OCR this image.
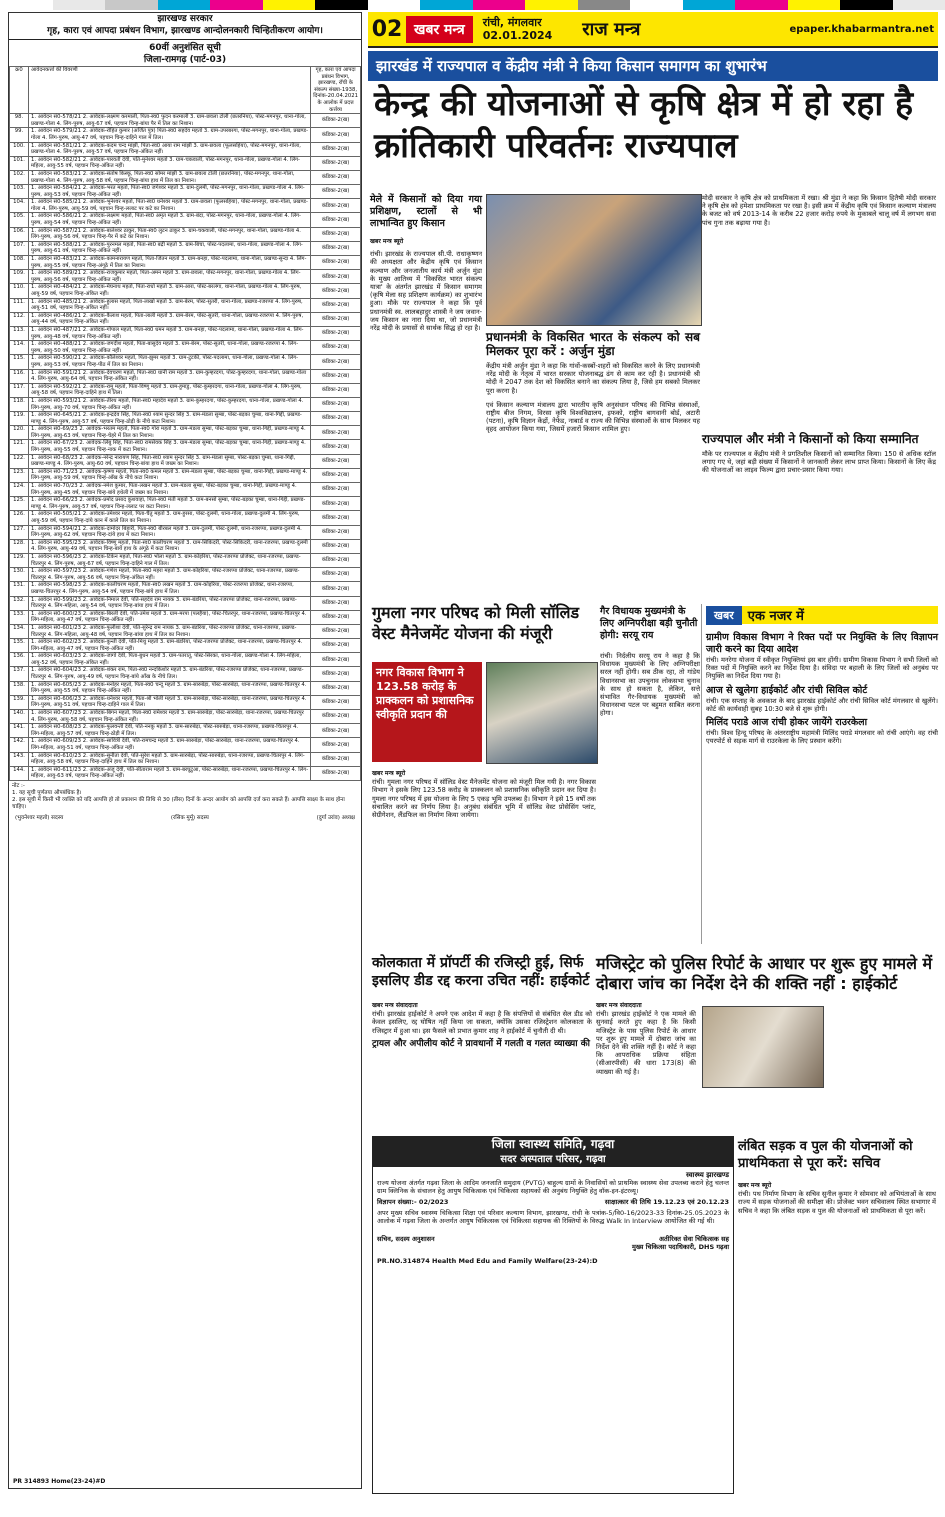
झारखण्ड सरकार
गृह, कारा एवं आपदा प्रबंधन विभाग, झारखण्ड आन्दोलनकारी चिन्हितीकरण आयोग।
60वीं अनुशंसित सूची
जिला-रामगढ़ (पार्ट-03)
क्र0	आवेदनकर्त्ता की विवरणी	गृह, कारा एवं आपदा प्रबंधन विभाग, झारखण्ड, राँची के संकल्प संख्या-1938, दिनांक-20.04.2021 के आलोक में प्रदत्त कर्त्तव्य
98.	1. आवेदन सं0-578/21 2. आवेदक-लक्ष्मण करमाली, पिता-स्व0 फुदन करमाली 3. ग्राम-छवला टोली (छतरनिया), पोस्ट-मगनपुर, थाना-गोला, प्रखण्ड-गोला 4. लिंग-पुरुष, आयु-67 वर्ष, पहचान चिन्ह-बांया पैर में तिल का निशान।	कंडिका-2(ख)
99.	1. आवेदन सं0-579/21 2. आवेदक-रोहित कुमार (अर्जित पुत्र) पिता-स्व0 सहदेव महतो 3. ग्राम-उपरबरगा, पोस्ट-मगनपुर, थाना-गोला, प्रखण्ड-गोला 4. लिंग-पुरुष, आयु-47 वर्ष, पहचान चिन्ह-दाहिने गाल में तिल।	कंडिका-2(ख)
100.	1. आवेदन सं0-581/21 2. आवेदक-कदम चन्द मांझी, पिता-स्व0 आया राम मांझी 3. ग्राम-छवला (फूलसहिया), पोस्ट-मगनपुर, थाना-गोला, प्रखण्ड-गोला 4. लिंग-पुरुष, आयु-57 वर्ष, पहचान चिन्ह-अंकित नहीं।	कंडिका-2(ख)
101.	1. आवेदन सं0-582/21 2. आवेदक-पारवती देवी, पति-मुनेश्वर महतो 3. ग्राम-चकवाली, पोस्ट-मगनपुर, थाना-गोला, प्रखण्ड-गोला 4. लिंग-महिला, आयु-55 वर्ष, पहचान चिन्ह-अंकित नहीं।	कंडिका-2(ख)
102.	1. आवेदन सं0-583/21 2. आवेदक-संतोष किस्कू, पिता-स्व0 सोमर मांझी 3. ग्राम-छवला टोली (छतरनिया), पोस्ट-मगनपुर, थाना-गोला, प्रखण्ड-गोला 4. लिंग-पुरुष, आयु-58 वर्ष, पहचान चिन्ह-बांया हाथ में तिल का निशान।	कंडिका-2(ख)
103.	1. आवेदन सं0-584/21 2. आवेदक-भरत महतो, पिता-स्व0 जगेश्वर महतो 3. ग्राम-दुलमी, पोस्ट-मगनपुर, थाना-गोला, प्रखण्ड-गोला 4. लिंग-पुरुष, आयु-53 वर्ष, पहचान चिन्ह-अंकित नहीं।	कंडिका-2(ख)
104.	1. आवेदन सं0-585/21 2. आवेदक-भुनेश्वर महतो, पिता-स्व0 धनेश्वर महतो 3. ग्राम-छवला (फूलसहिया), पोस्ट-मगनपुर, थाना-गोला, प्रखण्ड-गोला 4. लिंग-पुरुष, आयु-59 वर्ष, पहचान चिन्ह-ललाट पर कटे का निशान।	कंडिका-2(ख)
105.	1. आवेदन सं0-586/21 2. आवेदक-लक्ष्मण महतो, पिता-स्व0 अमृत महतो 3. ग्राम-बंदा, पोस्ट-मगनपुर, थाना-गोला, प्रखण्ड-गोला 4. लिंग-पुरुष, आयु-54 वर्ष, पहचान चिन्ह-अंकित नहीं।	कंडिका-2(ख)
106.	1. आवेदन सं0-587/21 2. आवेदक-बालेश्वर ठाकुर, पिता-स्व0 लुटन ठाकुर 3. ग्राम-चकवाली, पोस्ट-मगनपुर, थाना-गोला, प्रखण्ड-गोला 4. लिंग-पुरुष, आयु-56 वर्ष, पहचान चिन्ह-पैर में कटे का निशान।	कंडिका-2(ख)
107.	1. आवेदन सं0-588/21 2. आवेदक-पुरनमल महतो, पिता-स्व0 बद्री महतो 3. ग्राम-बिचा, पोस्ट-पदलामा, थाना-गोला, प्रखण्ड-गोला 4. लिंग-पुरुष, आयु-61 वर्ष, पहचान चिन्ह-अंकित नहीं।	कंडिका-2(ख)
108.	1. आवेदन सं0-483/21 2. आवेदक-कामनारायण महतो, पिता-जितन महतो 3. ग्राम-बनहा, पोस्ट-पदलामा, थाना-गोला, प्रखण्ड-सुन्दा 4. लिंग-पुरुष, आयु-55 वर्ष, पहचान चिन्ह-अंगूठे में तिल का निशान।	कंडिका-2(ख)
109.	1. आवेदन सं0-589/21 2. आवेदक-राजकुमार महतो, पिता-अमन महतो 3. ग्राम-छवला, पोस्ट-मगनपुर, थाना-गोला, प्रखण्ड-गोला 4. लिंग-पुरुष, आयु-56 वर्ष, पहचान चिन्ह-अंकित नहीं।	कंडिका-2(ख)
110.	1. आवेदन सं0-484/21 2. आवेदक-मेघनाथ महतो, पिता-राधो महतो 3. ग्राम-आरा, पोस्ट-बरलंगा, थाना-गोला, प्रखण्ड-गोला 4. लिंग-पुरुष, आयु-59 वर्ष, पहचान चिन्ह-अंकित नहीं।	कंडिका-2(ख)
111.	1. आवेदन सं0-485/21 2. आवेदक-हुलास महतो, पिता-लाखो महतो 3. ग्राम-बेरम, पोस्ट-सुतरी, थाना-गोला, प्रखण्ड-रजरप्पा 4. लिंग-पुरुष, आयु-51 वर्ष, पहचान चिन्ह-अंकित नहीं।	कंडिका-2(ख)
112.	1. आवेदन सं0-486/21 2. आवेदक-कैलाश महतो, पिता-लाली महतो 3. ग्राम-बेरम, पोस्ट-सुतरी, थाना-गोला, प्रखण्ड-रजरप्पा 4. लिंग-पुरुष, आयु-44 वर्ष, पहचान चिन्ह-अंकित नहीं।	कंडिका-2(ख)
113.	1. आवेदन सं0-487/21 2. आवेदक-गोपाल महतो, पिता-स्व0 धमन महतो 3. ग्राम-बनहा, पोस्ट-पदलामा, थाना-गोला, प्रखण्ड-गोला 4. लिंग-पुरुष, आयु-48 वर्ष, पहचान चिन्ह-अंकित नहीं।	कंडिका-2(ख)
114.	1. आवेदन सं0-488/21 2. आवेदक-जगदीश महतो, पिता-बासुदेव महतो 3. ग्राम-बेरम, पोस्ट-सुतरी, थाना-गोला, प्रखण्ड-रजरप्पा 4. लिंग-पुरुष, आयु-50 वर्ष, पहचान चिन्ह-अंकित नहीं।	कंडिका-2(ख)
115.	1. आवेदन सं0-590/21 2. आवेदक-कौलेश्वर महतो, पिता-झुमर महतो 3. ग्राम-टुटकी, पोस्ट-पदलामा, थाना-गोला, प्रखण्ड-गोला 4. लिंग-पुरुष, आयु-53 वर्ष, पहचान चिन्ह-पीठ में तिल का निशान।	कंडिका-2(ख)
116.	1. आवेदन सं0-591/21 2. आवेदक-देवचरण महतो, पिता-स्व0 धानी राम महतो 3. ग्राम-कुम्हरदगा, पोस्ट-कुम्हरदगा, थाना-गोला, प्रखण्ड-गोला 4. लिंग-पुरुष, आयु-64 वर्ष, पहचान चिन्ह-अंकित नहीं।	कंडिका-2(ख)
117.	1. आवेदन सं0-592/21 2. आवेदक-रामु महतो, पिता-विष्णु महतो 3. ग्राम-हुमाडु, पोस्ट-कुम्हरदगा, थाना-गोला, प्रखण्ड-गोला 4. लिंग-पुरुष, आयु-58 वर्ष, पहचान चिन्ह-दाहिने हाथ में तिल।	कंडिका-2(ख)
118.	1. आवेदन सं0-593/21 2. आवेदक-तीरथ महतो, पिता-स्व0 महादेव महतो 3. ग्राम-कुम्हरदगा, पोस्ट-कुम्हरदगा, थाना-गोला, प्रखण्ड-गोला 4. लिंग-पुरुष, आयु-70 वर्ष, पहचान चिन्ह-अंकित नहीं।	कंडिका-2(ख)
119.	1. आवेदन सं0-645/21 2. आवेदक-इन्द्रदेव सिंह, पिता-स्व0 श्याम सुन्दर सिंह 3. ग्राम-मंडला सुम्बा, पोस्ट-बड़का चुम्बा, थाना-गिद्दी, प्रखण्ड-माण्डु 4. लिंग-पुरुष, आयु-57 वर्ष, पहचान चिन्ह-ठोड़ी के नीचे कटा निशान।	कंडिका-2(ख)
120.	1. आवेदन सं0-69/23 2. आवेदक-भरतम महतो, पिता-स्व0 गोरा महतो 3. ग्राम-मंडला सुम्बा, पोस्ट-बड़का चुम्बा, थाना-गिद्दी, प्रखण्ड-माण्डु 4. लिंग-पुरुष, आयु-63 वर्ष, पहचान चिन्ह-चेहरे में तिल का निशान।	कंडिका-2(ख)
121.	1. आवेदन सं0-67/23 2. आवेदक-लिंबु सिंह, पिता-स्व0 रामसेवक सिंह 3. ग्राम-मंडला सुम्बा, पोस्ट-बड़का चुम्बा, थाना-गिद्दी, प्रखण्ड-माण्डु 4. लिंग-पुरुष, आयु-55 वर्ष, पहचान चिन्ह-नाक में कटा निशान।	कंडिका-2(ख)
122.	1. आवेदन सं0-68/23 2. आवेदक-नरेन्द्र नारायण सिंह, पिता-स्व0 श्याम सुन्दर सिंह 3. ग्राम-मंडला सुम्बा, पोस्ट-बड़का चुम्बा, थाना-गिद्दी, प्रखण्ड-माण्डु 4. लिंग-पुरुष, आयु-60 वर्ष, पहचान चिन्ह-बांया हाथ में जख्म का निशान।	कंडिका-2(ख)
123.	1. आवेदन सं0-71/23 2. आवेदक-कृष्णा महतो, पिता-स्व0 कमल महतो 3. ग्राम-मंडला सुम्बा, पोस्ट-बड़का चुम्बा, थाना-गिद्दी, प्रखण्ड-माण्डु 4. लिंग-पुरुष, आयु-59 वर्ष, पहचान चिन्ह-आँख के नीचे कटा निशान।	कंडिका-2(ख)
124.	1. आवेदन सं0-70/23 2. आवेदक-नमेश कुमार, पिता-लखन महतो 3. ग्राम-मंडला सुम्बा, पोस्ट-बड़का चुम्बा, थाना-गिद्दी, प्रखण्ड-माण्डु 4. लिंग-पुरुष, आयु-45 वर्ष, पहचान चिन्ह-बांये हथेली में जख्म का निशान।	कंडिका-2(ख)
125.	1. आवेदन सं0-66/23 2. आवेदक-प्रमोद प्रसाद कुशवाहा, पिता-स्व0 मंती महतो 3. ग्राम-बनसो सुम्बा, पोस्ट-बड़का चुम्बा, थाना-गिद्दी, प्रखण्ड-माण्डु 4. लिंग-पुरुष, आयु-57 वर्ष, पहचान चिन्ह-ललाट पर कटा निशान।	कंडिका-2(ख)
126.	1. आवेदन सं0-505/21 2. आवेदक-उमेश्वर महतो, पिता-चैतु महतो 3. ग्राम-हुरसा, पोस्ट-दुलमी, थाना-गोला, प्रखण्ड-दुलमी 4. लिंग-पुरुष, आयु-59 वर्ष, पहचान चिन्ह-दांये कान में काले तिल का निशान।	कंडिका-2(ख)
127.	1. आवेदन सं0-594/21 2. आवेदक-दामोदर बिहारी, पिता-स्व0 बीरबल महतो 3. ग्राम-दुलमी, पोस्ट-दुलमी, थाना-रजरप्पा, प्रखण्ड-दुलमी 4. लिंग-पुरुष, आयु-62 वर्ष, पहचान चिन्ह-दांये हाथ में कटा निशान।	कंडिका-2(ख)
128.	1. आवेदन सं0-595/23 2. आवेदक-विष्णु महतो, पिता-स्व0 कालीचरण महतो 3. ग्राम-सिकिदरी, पोस्ट-सिकिदरी, थाना-रजरप्पा, प्रखण्ड-दुलमी 4. लिंग-पुरुष, आयु-49 वर्ष, पहचान चिन्ह-बायें हाथ के अंगूठे में कटा निशान।	कंडिका-2(ख)
129.	1. आवेदन सं0-596/23 2. आवेदक-टिकेन महतो, पिता-स्व0 भोला महतो 3. ग्राम-कोइरिया, पोस्ट-रजरप्पा प्रोजेक्ट, थाना-रजरप्पा, प्रखण्ड-चितरपुर 4. लिंग-पुरुष, आयु-67 वर्ष, पहचान चिन्ह-दाहिने गाल में तिल।	कंडिका-2(ख)
130.	1. आवेदन सं0-597/23 2. आवेदक-गणेश महतो, पिता-स्व0 महरा महतो 3. ग्राम-कोइरिया, पोस्ट-रजरप्पा प्रोजेक्ट, थाना-रजरप्पा, प्रखण्ड-चितरपुर 4. लिंग-पुरुष, आयु-56 वर्ष, पहचान चिन्ह-अंकित नहीं।	कंडिका-2(ख)
131.	1. आवेदन सं0-598/23 2. आवेदक-कालीचरण महतो, पिता-स्व0 लखन महतो 3. ग्राम-कोइरिया, पोस्ट-रजरप्पा प्रोजेक्ट, थाना-रजरप्पा, प्रखण्ड-चितरपुर 4. लिंग-पुरुष, आयु-54 वर्ष, पहचान चिन्ह-बांये हाथ में तिल।	कंडिका-2(ख)
132.	1. आवेदन सं0-599/23 2. आवेदक-निमाल देवी, पति-सहदेव राम नायक 3. ग्राम-बंडरिया, पोस्ट-रजरप्पा प्रोजेक्ट, थाना-रजरप्पा, प्रखण्ड-चितरपुर 4. लिंग-महिला, आयु-54 वर्ष, पहचान चिन्ह-बांया हाथ में तिल।	कंडिका-2(ख)
133.	1. आवेदन सं0-600/23 2. आवेदक-बिरली देवी, पति-उमेश महतो 3. ग्राम-मरपा (पलहैया), पोस्ट-चितरपुर, थाना-रजरप्पा, प्रखण्ड-चितरपुर 4. लिंग-महिला, आयु-47 वर्ष, पहचान चिन्ह-अंकित नहीं।	कंडिका-2(ख)
134.	1. आवेदन सं0-601/23 2. आवेदक-फुलीशा देवी, पति-सुरेन्द्र राम नायक 3. ग्राम-बंडरिया, पोस्ट-रजरप्पा प्रोजेक्ट, थाना-रजरप्पा, प्रखण्ड-चितरपुर 4. लिंग-महिला, आयु-48 वर्ष, पहचान चिन्ह-बांया हाथ में तिल का निशान।	कंडिका-2(ख)
135.	1. आवेदन सं0-602/23 2. आवेदक-कुन्ती देवी, पति-मिथु महतो 3. ग्राम-बंडरिया, पोस्ट-रजरप्पा प्रोजेक्ट, थाना-रजरप्पा, प्रखण्ड-चितरपुर 4. लिंग-महिला, आयु-47 वर्ष, पहचान चिन्ह-अंकित नहीं।	कंडिका-2(ख)
136.	1. आवेदन सं0-603/23 2. आवेदक-जागो देवी, पिता-बुधन महतो 3. ग्राम-पतरातू, पोस्ट-सिरका, थाना-गोला, प्रखण्ड-गोला 4. लिंग-महिला, आयु-52 वर्ष, पहचान चिन्ह-अंकित नहीं।	कंडिका-2(ख)
137.	1. आवेदन सं0-604/23 2. आवेदक-शंकर राम, पिता-स्व0 नन्दकिशोर महतो 3. ग्राम-बंडरिया, पोस्ट-रजरप्पा प्रोजेक्ट, थाना-रजरप्पा, प्रखण्ड-चितरपुर 4. लिंग-पुरुष, आयु-49 वर्ष, पहचान चिन्ह-बांये आँख के नीचे तिल।	कंडिका-2(ख)
138.	1. आवेदन सं0-605/23 2. आवेदक-मनोहर महतो, पिता-स्व0 चन्दू महतो 3. ग्राम-सारुबेड़ा, पोस्ट-सारुबेड़ा, थाना-रजरप्पा, प्रखण्ड-चितरपुर 4. लिंग-पुरुष, आयु-55 वर्ष, पहचान चिन्ह-अंकित नहीं।	कंडिका-2(ख)
139.	1. आवेदन सं0-606/23 2. आवेदक-धनेश्वर महतो, पिता-श्री भोली महतो 3. ग्राम-सारुबेड़ा, पोस्ट-सारुबेड़ा, थाना-रजरप्पा, प्रखण्ड-चितरपुर 4. लिंग-पुरुष, आयु-51 वर्ष, पहचान चिन्ह-दाहिने गाल में तिल।	कंडिका-2(ख)
140.	1. आवेदन सं0-607/23 2. आवेदक-बिगन महतो, पिता-स्व0 रामेश्वर महतो 3. ग्राम-सारुबेड़ा, पोस्ट-सारुबेड़ा, थाना-रजरप्पा, प्रखण्ड-चितरपुर 4. लिंग-पुरुष, आयु-58 वर्ष, पहचान चिन्ह-अंकित नहीं।	कंडिका-2(ख)
141.	1. आवेदन सं0-608/23 2. आवेदक-फुलवन्ती देवी, पति-ननकु महतो 3. ग्राम-सारुबेड़ा, पोस्ट-सारुबेड़ा, थाना-रजरप्पा, प्रखण्ड-चितरपुर 4. लिंग-महिला, आयु-57 वर्ष, पहचान चिन्ह-ठोड़ी में तिल।	कंडिका-2(ख)
142.	1. आवेदन सं0-609/23 2. आवेदक-सावित्री देवी, पति-रामचन्द्र महतो 3. ग्राम-सारुबेड़ा, पोस्ट-सारुबेड़ा, थाना-रजरप्पा, प्रखण्ड-चितरपुर 4. लिंग-महिला, आयु-51 वर्ष, पहचान चिन्ह-अंकित नहीं।	कंडिका-2(ख)
143.	1. आवेदन सं0-610/23 2. आवेदक-सुनीता देवी, पति-सुरेश महतो 3. ग्राम-सारुबेड़ा, पोस्ट-सारुबेड़ा, थाना-रजरप्पा, प्रखण्ड-चितरपुर 4. लिंग-महिला, आयु-58 वर्ष, पहचान चिन्ह-दाहिने हाथ में तिल का निशान।	कंडिका-2(ख)
144.	1. आवेदन सं0-611/23 2. आवेदक-अंजू देवी, पति-सीताराम महतो 3. ग्राम-बरघुटुआ, पोस्ट-सारुबेड़ा, थाना-रजरप्पा, प्रखण्ड-चितरपुर 4. लिंग-महिला, आयु-63 वर्ष, पहचान चिन्ह-अंकित नहीं।	कंडिका-2(ख)
नोट :-
1. यह सूची पूर्णतया औपबंधिक है।
2. इस सूची में किसी भी व्यक्ति को यदि आपत्ति हो तो प्रकाशन की तिथि से 30 (तीस) दिनों के अन्दर आयोग को आपत्ति दर्ज करा सकते हैं। आपत्ति साक्ष्य के साथ होना चाहिए।
(भुवनेश्वर महतो) सदस्य	(रसिक मुर्मू) सदस्य	(दुर्गा उरांव) अध्यक्ष
PR 314893 Home(23-24)#D
02 खबर मन्त्र	रांची, मंगलवार
02.01.2024 राज मन्त्र	epaper.khabarmantra.net
झारखंड में राज्यपाल व केंद्रीय मंत्री ने किया किसान समागम का शुभारंभ
केन्द्र की योजनाओं से कृषि क्षेत्र में हो रहा है क्रांतिकारी परिवर्तनः राज्यपाल
मेले में किसानों को दिया गया प्रशिक्षण, स्टालों से भी लाभान्वित हुए किसान
खबर मन्त्र ब्यूरो
रांची। झारखंड के राज्यपाल सी.पी. राधाकृष्णन की अध्यक्षता और केंद्रीय कृषि एवं किसान कल्याण और जनजातीय कार्य मंत्री अर्जुन मुंडा के मुख्य आतिथ्य में 'विकसित भारत संकल्प यात्रा' के अंतर्गत झारखंड में किसान समागम (कृषि मेला सह प्रशिक्षण कार्यक्रम) का शुभारंभ हुआ। मौके पर राज्यपाल ने कहा कि पूर्व प्रधानमंत्री स्व. लालबहादुर शास्त्री ने जय जवान-जय किसान का नारा दिया था, जो प्रधानमंत्री नरेंद्र मोदी के प्रयासों से सार्थक सिद्ध हो रहा है।
मोदी सरकार ने कृषि क्षेत्र को प्राथमिकता में रखा। श्री मुंडा ने कहा कि किसान हितैषी मोदी सरकार ने कृषि क्षेत्र को हमेशा प्राथमिकता पर रखा है। इसी क्रम में केंद्रीय कृषि एवं किसान कल्याण मंत्रालय के बजट को वर्ष 2013-14 के करीब 22 हजार करोड़ रुपये के मुकाबले चालू वर्ष में लगभग सवा पांच गुना तक बढ़ाया गया है।
प्रधानमंत्री के विकसित भारत के संकल्प को सब मिलकर पूरा करें : अर्जुन मुंडा
केंद्रीय मंत्री अर्जुन मुंडा ने कहा कि गांवों-कस्बों-शहरों को विकसित करने के लिए प्रधानमंत्री नरेंद्र मोदी के नेतृत्व में भारत सरकार योजनाबद्ध ढंग से काम कर रही है। प्रधानमंत्री श्री मोदी ने 2047 तक देश को विकसित बनाने का संकल्प लिया है, जिसे हम सबको मिलकर पूरा करना है।
एवं किसान कल्याण मंत्रालय द्वारा भारतीय कृषि अनुसंधान परिषद की विभिन्न संस्थाओं, राष्ट्रीय बीज निगम, विरसा कृषि विश्वविद्यालय, इफको, राष्ट्रीय बागवानी बोर्ड, अटारी (पटना), कृषि विज्ञान केंद्रों, नेफेड, नाबार्ड व राज्य की विभिन्न संस्थाओं के साथ मिलकर यह वृहद आयोजन किया गया, जिसमें हजारों किसान शामिल हुए।
राज्यपाल और मंत्री ने किसानों को किया सम्मानित
मौके पर राज्यपाल व केंद्रीय मंत्री ने प्रगतिशील किसानों को सम्मानित किया। 150 से अधिक स्टॉल लगाए गए थे, जहां बड़ी संख्या में किसानों ने जानकारी लेकर लाभ प्राप्त किया। किसानों के लिए केंद्र की योजनाओं का लाइव फिल्म द्वारा प्रचार-प्रसार किया गया।
गुमला नगर परिषद को मिली सॉलिड वेस्ट मैनेजमेंट योजना की मंजूरी
नगर विकास विभाग ने 123.58 करोड़ के प्राक्कलन को प्रशासनिक स्वीकृति प्रदान की
खबर मन्त्र ब्यूरो
रांची। गुमला नगर परिषद में सॉलिड वेस्ट मैनेजमेंट योजना को मंजूरी मिल गयी है। नगर विकास विभाग ने इसके लिए 123.58 करोड़ के प्राक्कलन को प्रशासनिक स्वीकृति प्रदान कर दिया है। गुमला नगर परिषद में इस योजना के लिए 5 एकड़ भूमि उपलब्ध है। विभाग ने इसे 15 वर्षों तक संचालित करने का निर्णय लिया है। अनुबंध संबंधित भूमि में सॉलिड वेस्ट प्रोसेसिंग प्लांट, सेग्रीगेशन, लैंडफिल का निर्माण किया जायेगा।
गैर विधायक मुख्यमंत्री के लिए अग्निपरीक्षा बड़ी चुनौती होगी: सरयू राय
रांची। निर्दलीय सरयू राय ने कहा है कि विधायक मुख्यमंत्री के लिए अग्निपरीक्षा सरल नहीं होगी। सब ठीक रहा, तो गांडेय विधानसभा का उपचुनाव लोकसभा चुनाव के साथ हो सकता है, लेकिन, सत्ते संभावित गैर-विधायक मुख्यमंत्री को विधानसभा पटल पर बहुमत साबित करना होगा।
खबर	एक नजर में
ग्रामीण विकास विभाग ने रिक्त पदों पर नियुक्ति के लिए विज्ञापन जारी करने का दिया आदेश
रांची। मनरेगा योजना में स्वीकृत नियुक्तियां इस बार होंगी। ग्रामीण विकास विभाग ने सभी जिलों को रिक्त पदों में नियुक्ति करने का निर्देश दिया है। संविदा पर बहाली के लिए जिलों को अनुबंध पर नियुक्ति का निर्देश दिया गया है।
आज से खुलेगा हाईकोर्ट और रांची सिविल कोर्ट
रांची। एक सप्ताह के अवकाश के बाद झारखंड हाईकोर्ट और रांची सिविल कोर्ट मंगलवार से खुलेंगे। कोर्ट की कार्यवाही सुबह 10:30 बजे से शुरू होगी।
मिलिंद पराडे आज रांची होकर जायेंगे राउरकेला
रांची। विश्व हिन्दू परिषद के अंतरराष्ट्रीय महामंत्री मिलिंद पराडे मंगलवार को रांची आएंगे। वह रांची एयरपोर्ट से सड़क मार्ग से राउरकेला के लिए प्रस्थान करेंगे।
कोलकाता में प्रॉपर्टी की रजिस्ट्री हुई, सिर्फ इसलिए डीड रद्द करना उचित नहीं: हाईकोर्ट
खबर मन्त्र संवाददाता
रांची। झारखंड हाईकोर्ट ने अपने एक आदेश में कहा है कि संपत्तियों से संबंधित सेल डीड को केवल इसलिए, रद्द घोषित नहीं किया जा सकता, क्योंकि उसका रजिस्ट्रेशन कोलकाता के रजिस्ट्रार में हुआ था। इस फैसले को प्रभात कुमार शाह ने हाईकोर्ट में चुनौती दी थी।
ट्रायल और अपीलीय कोर्ट ने प्रावधानों में गलती व गलत व्याख्या की
मजिस्ट्रेट को पुलिस रिपोर्ट के आधार पर शुरू हुए मामले में दोबारा जांच का निर्देश देने की शक्ति नहीं : हाईकोर्ट
खबर मन्त्र संवाददाता
रांची। झारखंड हाईकोर्ट ने एक मामले की सुनवाई करते हुए कहा है कि किसी मजिस्ट्रेट के पास पुलिस रिपोर्ट के आधार पर शुरू हुए मामले में दोबारा जांच का निर्देश देने की शक्ति नहीं है। कोर्ट ने कहा कि आपराधिक प्रक्रिया संहिता (सीआरपीसी) की धारा 173(8) की व्याख्या की गई है।
जिला स्वास्थ्य समिति, गढ़वा
सदर अस्पताल परिसर, गढ़वा
स्वास्थ्य झारखण्ड
राज्य योजना अंतर्गत गढ़वा जिला के आदिम जनजाति समुदाय (PVTG) बाहुल्य ग्रामों के निवासियों को प्राथमिक स्वास्थ्य सेवा उपलब्ध कराने हेतु चलन्त ग्राम क्लिनिक के संचालन हेतु आयुष चिकित्सक एवं चिकित्सा सहायकों की अनुबंध नियुक्ति हेतु वॉक-इन-इंटरव्यू।
विज्ञापन संख्या:- 02/2023	साक्षात्कार की तिथि 19.12.23 एवं 20.12.23
अपर मुख्य सचिव स्वास्थ्य चिकित्सा शिक्षा एवं परिवार कल्याण विभाग, झारखण्ड, रांची के पत्रांक-5/वि0-16/2023-33 दिनांक-25.05.2023 के आलोक में गढ़वा जिला के अन्तर्गत आयुष चिकित्सक एवं चिकित्सा सहायक की रिक्तियों के विरुद्ध Walk In Interview आयोजित की गई थी।
सचिव, सदस्य अनुशासन	अतीरिक्त सेवा चिकित्सक सह
मुख्य चिकित्सा पदाधिकारी, DHS गढ़वा
PR.NO.314874 Health Med Edu and Family Welfare(23-24):D
लंबित सड़क व पुल की योजनाओं को प्राथमिकता से पूरा करें: सचिव
खबर मन्त्र ब्यूरो
रांची। पथ निर्माण विभाग के सचिव सुनील कुमार ने सोमवार को अभियंताओं के साथ राज्य में सड़क योजनाओं की समीक्षा की। प्रोजेक्ट भवन सचिवालय स्थित सभागार में सचिव ने कहा कि लंबित सड़क व पुल की योजनाओं को प्राथमिकता से पूरा करें।
